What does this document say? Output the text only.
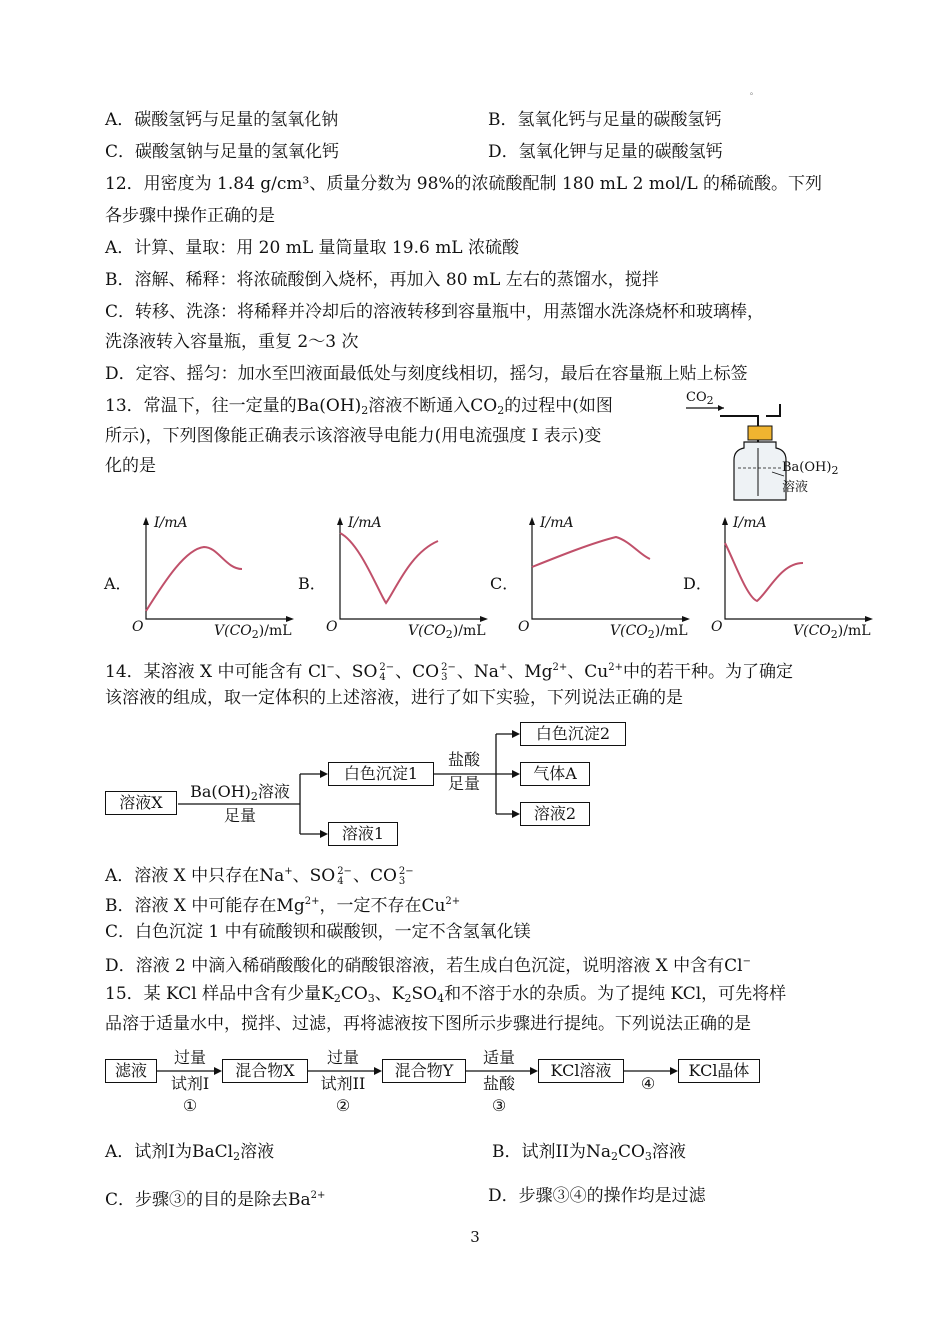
。
A．碳酸氢钙与足量的氢氧化钠	B．氢氧化钙与足量的碳酸氢钙
C．碳酸氢钠与足量的氢氧化钙	D．氢氧化钾与足量的碳酸氢钙
12．用密度为 1.84 g/cm³、质量分数为 98%的浓硫酸配制 180 mL 2 mol/L 的稀硫酸。下列
各步骤中操作正确的是
A．计算、量取：用 20 mL 量筒量取 19.6 mL 浓硫酸
B．溶解、稀释：将浓硫酸倒入烧杯，再加入 80 mL 左右的蒸馏水，搅拌
C．转移、洗涤：将稀释并冷却后的溶液转移到容量瓶中，用蒸馏水洗涤烧杯和玻璃棒，
洗涤液转入容量瓶，重复 2～3 次
D．定容、摇匀：加水至凹液面最低处与刻度线相切，摇匀，最后在容量瓶上贴上标签
13．常温下，往一定量的$Ba(OH)_2$溶液不断通入$CO_2$的过程中(如图
所示)，下列图像能正确表示该溶液导电能力(用电流强度 I 表示)变
化的是
$CO_2$
$Ba(OH)_2$
溶液
A．
I/mA
O	$V(CO_2)/mL$
B．
I/mA
O	$V(CO_2)/mL$
C．
I/mA
O	$V(CO_2)/mL$
D．
I/mA
O	$V(CO_2)/mL$
14．某溶液 X 中可能含有 Cl−、SO 2−
4 、CO 2−
3 、Na+、$Mg^{2+}$、$Cu^{2+}$中的若干种。为了确定
该溶液的组成，取一定体积的上述溶液，进行了如下实验，下列说法正确的是
溶液X
$Ba(OH)_2$溶液
足量
白色沉淀1
溶液1
盐酸
足量
白色沉淀2
气体A
溶液2
A．溶液 X 中只存在Na+、SO 2−
4 、CO 2−
3
B．溶液 X 中可能存在$Mg^{2+}$，一定不存在$Cu^{2+}$
C．白色沉淀 1 中有硫酸钡和碳酸钡，一定不含氢氧化镁
D．溶液 2 中滴入稀硝酸酸化的硝酸银溶液，若生成白色沉淀，说明溶液 X 中含有Cl−
15．某 KCl 样品中含有少量$K_2CO_3$、$K_2SO_4$和不溶于水的杂质。为了提纯 KCl，可先将样
品溶于适量水中，搅拌、过滤，再将滤液按下图所示步骤进行提纯。下列说法正确的是
滤液	混合物X	混合物Y	KCl溶液	KCl晶体
过量
试剂I
①
过量
试剂II
②
适量
盐酸
③
④
A．试剂I为BaCl$_2$溶液	B．试剂II为$Na_2CO_3$溶液
C．步骤③的目的是除去$Ba^{2+}$	D．步骤③④的操作均是过滤
3
